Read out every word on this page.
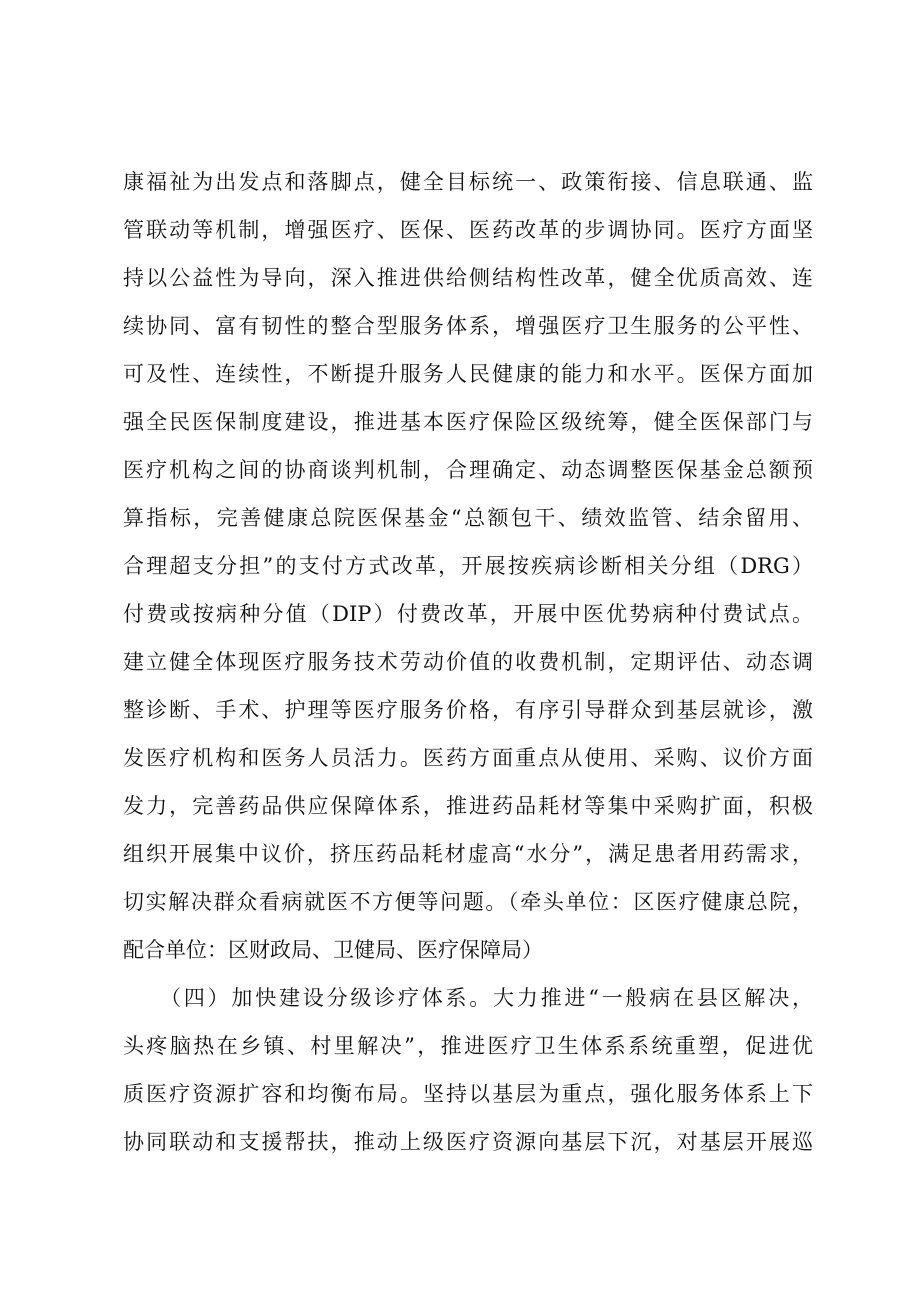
康福祉为出发点和落脚点，健全目标统一、政策衔接、信息联通、监
管联动等机制，增强医疗、医保、医药改革的步调协同。医疗方面坚
持以公益性为导向，深入推进供给侧结构性改革，健全优质高效、连
续协同、富有韧性的整合型服务体系，增强医疗卫生服务的公平性、
可及性、连续性，不断提升服务人民健康的能力和水平。医保方面加
强全民医保制度建设，推进基本医疗保险区级统筹，健全医保部门与
医疗机构之间的协商谈判机制，合理确定、动态调整医保基金总额预
算指标，完善健康总院医保基金“总额包干、绩效监管、结余留用、
合理超支分担”的支付方式改革，开展按疾病诊断相关分组（DRG）
付费或按病种分值（DIP）付费改革，开展中医优势病种付费试点。
建立健全体现医疗服务技术劳动价值的收费机制，定期评估、动态调
整诊断、手术、护理等医疗服务价格，有序引导群众到基层就诊，激
发医疗机构和医务人员活力。医药方面重点从使用、采购、议价方面
发力，完善药品供应保障体系，推进药品耗材等集中采购扩面，积极
组织开展集中议价，挤压药品耗材虚高“水分”，满足患者用药需求，
切实解决群众看病就医不方便等问题。（牵头单位：区医疗健康总院，
配合单位：区财政局、卫健局、医疗保障局）
　　（四）加快建设分级诊疗体系。大力推进“一般病在县区解决，
头疼脑热在乡镇、村里解决”，推进医疗卫生体系系统重塑，促进优
质医疗资源扩容和均衡布局。坚持以基层为重点，强化服务体系上下
协同联动和支援帮扶，推动上级医疗资源向基层下沉，对基层开展巡
